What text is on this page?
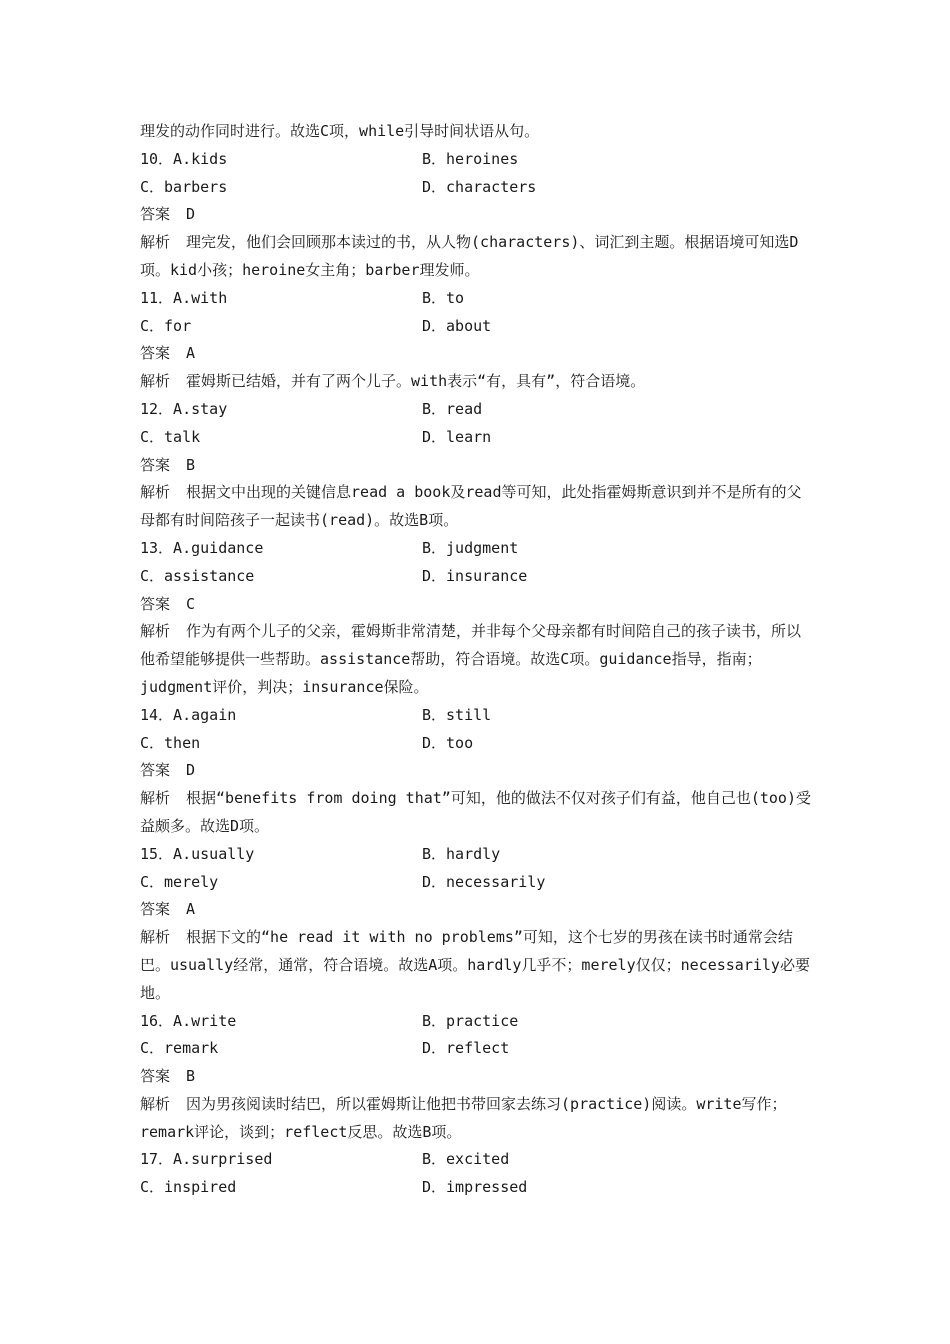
理发的动作同时进行。故选C项，while引导时间状语从句。
10．A.kids	B．heroines
C．barbers	D．characters
答案 D
解析 理完发，他们会回顾那本读过的书，从人物(characters)、词汇到主题。根据语境可知选D项。kid小孩；heroine女主角；barber理发师。
11．A.with	B．to
C．for	D．about
答案 A
解析 霍姆斯已结婚，并有了两个儿子。with表示“有，具有”，符合语境。
12．A.stay	B．read
C．talk	D．learn
答案 B
解析 根据文中出现的关键信息read a book及read等可知，此处指霍姆斯意识到并不是所有的父母都有时间陪孩子一起读书(read)。故选B项。
13．A.guidance	B．judgment
C．assistance	D．insurance
答案 C
解析 作为有两个儿子的父亲，霍姆斯非常清楚，并非每个父母亲都有时间陪自己的孩子读书，所以他希望能够提供一些帮助。assistance帮助，符合语境。故选C项。guidance指导，指南；judgment评价，判决；insurance保险。
14．A.again	B．still
C．then	D．too
答案 D
解析 根据“benefits from doing that”可知，他的做法不仅对孩子们有益，他自己也(too)受益颇多。故选D项。
15．A.usually	B．hardly
C．merely	D．necessarily
答案 A
解析 根据下文的“he read it with no problems”可知，这个七岁的男孩在读书时通常会结巴。usually经常，通常，符合语境。故选A项。hardly几乎不；merely仅仅；necessarily必要地。
16．A.write	B．practice
C．remark	D．reflect
答案 B
解析 因为男孩阅读时结巴，所以霍姆斯让他把书带回家去练习(practice)阅读。write写作；remark评论，谈到；reflect反思。故选B项。
17．A.surprised	B．excited
C．inspired	D．impressed
